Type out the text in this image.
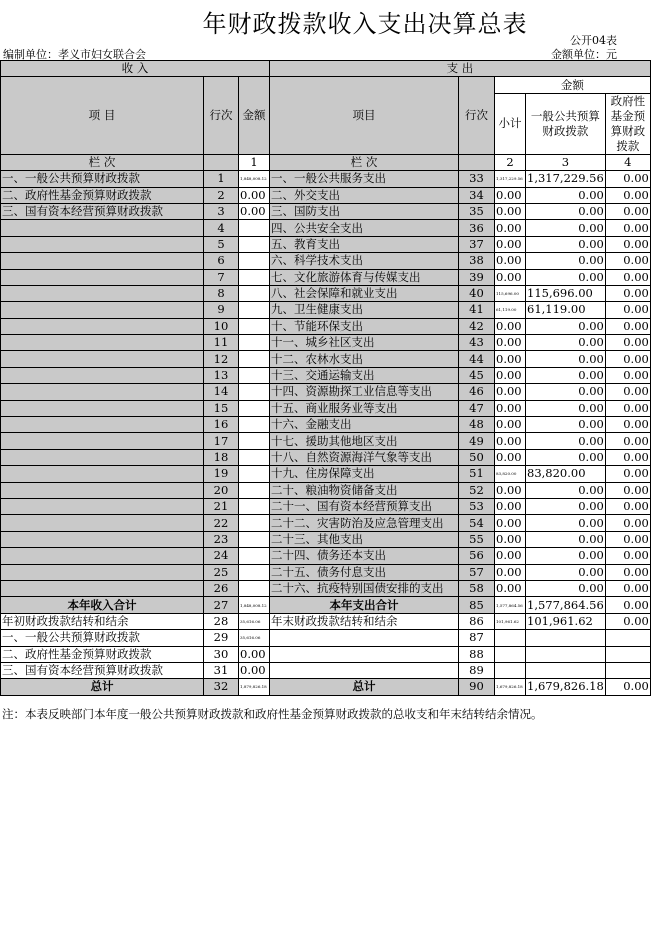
年财政拨款收入支出决算总表
公开04表
编制单位：孝义市妇女联合会	金额单位：元
收 入			支 出				
项 目	行次	金额	项目	行次	金额		
					小计	一般公共预算财政拨款	政府性基金预算财政拨款

栏 次		1	栏 次		2	3	4
一、一般公共预算财政拨款	1	1,848,008.12	一、一般公共服务支出	33	1,317,229.56	1,317,229.56	0.00
二、政府性基金预算财政拨款	2	0.00	二、外交支出	34	0.00	0.00	0.00
三、国有资本经营预算财政拨款	3	0.00	三、国防支出	35	0.00	0.00	0.00
	4		四、公共安全支出	36	0.00	0.00	0.00
	5		五、教育支出	37	0.00	0.00	0.00
	6		六、科学技术支出	38	0.00	0.00	0.00
	7		七、文化旅游体育与传媒支出	39	0.00	0.00	0.00
	8		八、社会保障和就业支出	40	115,696.00	115,696.00	0.00
	9		九、卫生健康支出	41	61,119.00	61,119.00	0.00
	10		十、节能环保支出	42	0.00	0.00	0.00
	11		十一、城乡社区支出	43	0.00	0.00	0.00
	12		十二、农林水支出	44	0.00	0.00	0.00
	13		十三、交通运输支出	45	0.00	0.00	0.00
	14		十四、资源勘探工业信息等支出	46	0.00	0.00	0.00
	15		十五、商业服务业等支出	47	0.00	0.00	0.00
	16		十六、金融支出	48	0.00	0.00	0.00
	17		十七、援助其他地区支出	49	0.00	0.00	0.00
	18		十八、自然资源海洋气象等支出	50	0.00	0.00	0.00
	19		十九、住房保障支出	51	83,820.00	83,820.00	0.00
	20		二十、粮油物资储备支出	52	0.00	0.00	0.00
	21		二十一、国有资本经营预算支出	53	0.00	0.00	0.00
	22		二十二、灾害防治及应急管理支出	54	0.00	0.00	0.00
	23		二十三、其他支出	55	0.00	0.00	0.00
	24		二十四、债务还本支出	56	0.00	0.00	0.00
	25		二十五、债务付息支出	57	0.00	0.00	0.00
	26		二十六、抗疫特别国债安排的支出	58	0.00	0.00	0.00
本年收入合计	27	1,848,008.12	本年支出合计	85	1,577,864.56	1,577,864.56	0.00
年初财政拨款结转和结余	28	35,616.06	年末财政拨款结转和结余	86	101,961.62	101,961.62	0.00
一、一般公共预算财政拨款	29	35,616.06		87			
二、政府性基金预算财政拨款	30	0.00		88			
三、国有资本经营预算财政拨款	31	0.00		89			
总计	32	1,879,826.18	总计	90	1,679,826.18	1,679,826.18	0.00
注：本表反映部门本年度一般公共预算财政拨款和政府性基金预算财政拨款的总收支和年末结转结余情况。
